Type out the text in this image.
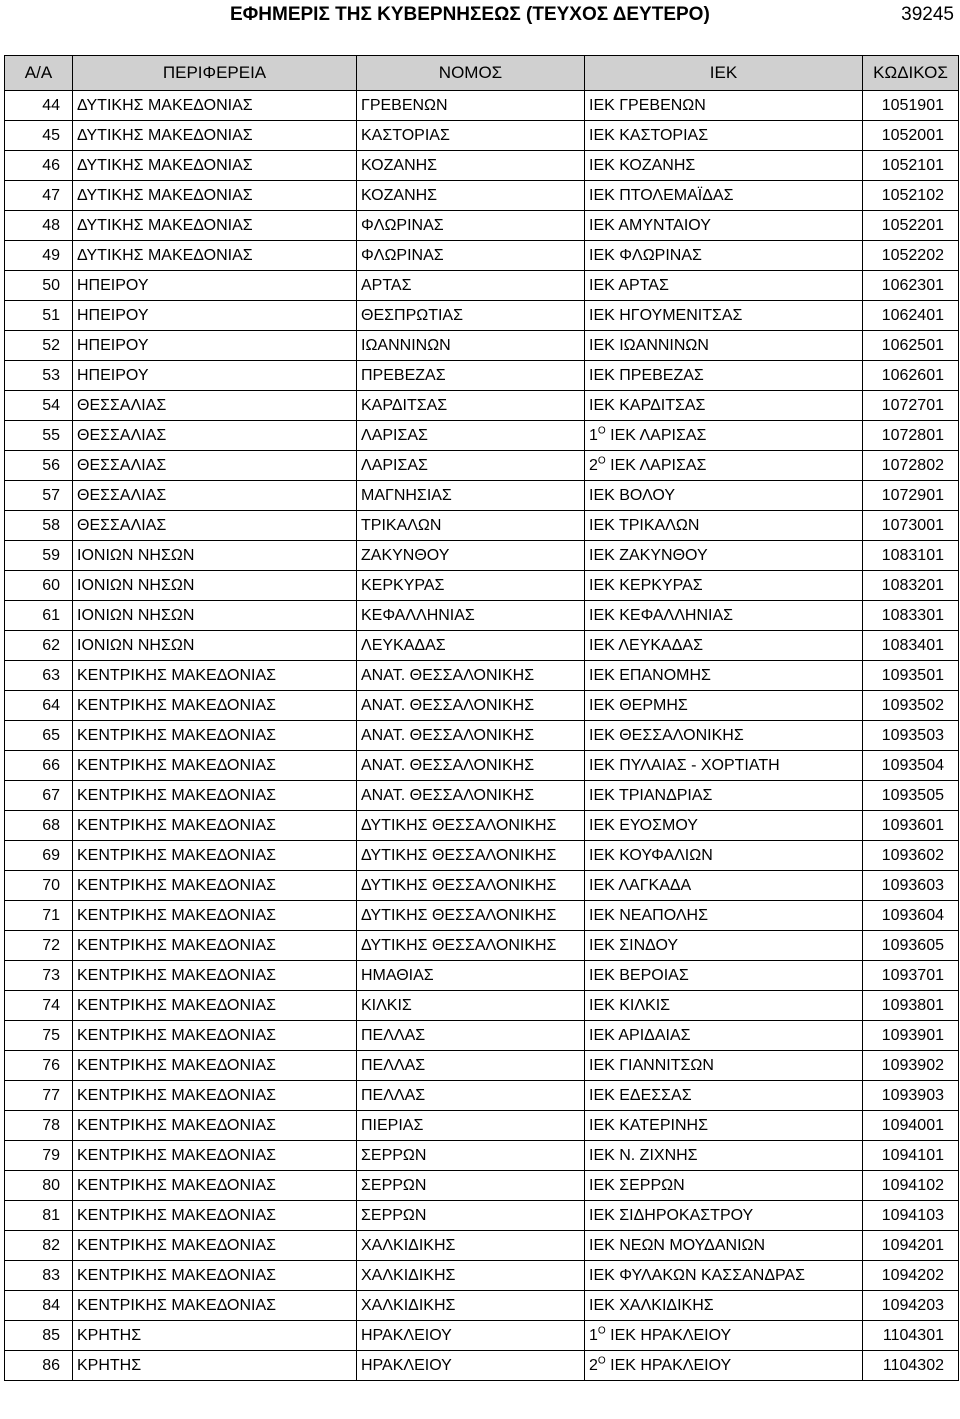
ΕΦΗΜΕΡΙΣ ΤΗΣ ΚΥΒΕΡΝΗΣΕΩΣ (ΤΕΥΧΟΣ ΔΕΥΤΕΡΟ)	39245
Α/Α	ΠΕΡΙΦΕΡΕΙΑ	ΝΟΜΟΣ	ΙΕΚ	ΚΩΔΙΚΟΣ
44	ΔΥΤΙΚΗΣ ΜΑΚΕΔΟΝΙΑΣ	ΓΡΕΒΕΝΩΝ	ΙΕΚ ΓΡΕΒΕΝΩΝ	1051901
45	ΔΥΤΙΚΗΣ ΜΑΚΕΔΟΝΙΑΣ	ΚΑΣΤΟΡΙΑΣ	ΙΕΚ ΚΑΣΤΟΡΙΑΣ	1052001
46	ΔΥΤΙΚΗΣ ΜΑΚΕΔΟΝΙΑΣ	ΚΟΖΑΝΗΣ	ΙΕΚ ΚΟΖΑΝΗΣ	1052101
47	ΔΥΤΙΚΗΣ ΜΑΚΕΔΟΝΙΑΣ	ΚΟΖΑΝΗΣ	ΙΕΚ ΠΤΟΛΕΜΑΪΔΑΣ	1052102
48	ΔΥΤΙΚΗΣ ΜΑΚΕΔΟΝΙΑΣ	ΦΛΩΡΙΝΑΣ	ΙΕΚ ΑΜΥΝΤΑΙΟΥ	1052201
49	ΔΥΤΙΚΗΣ ΜΑΚΕΔΟΝΙΑΣ	ΦΛΩΡΙΝΑΣ	ΙΕΚ ΦΛΩΡΙΝΑΣ	1052202
50	ΗΠΕΙΡΟΥ	ΑΡΤΑΣ	ΙΕΚ ΑΡΤΑΣ	1062301
51	ΗΠΕΙΡΟΥ	ΘΕΣΠΡΩΤΙΑΣ	ΙΕΚ ΗΓΟΥΜΕΝΙΤΣΑΣ	1062401
52	ΗΠΕΙΡΟΥ	ΙΩΑΝΝΙΝΩΝ	ΙΕΚ ΙΩΑΝΝΙΝΩΝ	1062501
53	ΗΠΕΙΡΟΥ	ΠΡΕΒΕΖΑΣ	ΙΕΚ ΠΡΕΒΕΖΑΣ	1062601
54	ΘΕΣΣΑΛΙΑΣ	ΚΑΡΔΙΤΣΑΣ	ΙΕΚ ΚΑΡΔΙΤΣΑΣ	1072701
55	ΘΕΣΣΑΛΙΑΣ	ΛΑΡΙΣΑΣ	$1^O$ ΙΕΚ ΛΑΡΙΣΑΣ	1072801
56	ΘΕΣΣΑΛΙΑΣ	ΛΑΡΙΣΑΣ	$2^O$ ΙΕΚ ΛΑΡΙΣΑΣ	1072802
57	ΘΕΣΣΑΛΙΑΣ	ΜΑΓΝΗΣΙΑΣ	ΙΕΚ ΒΟΛΟΥ	1072901
58	ΘΕΣΣΑΛΙΑΣ	ΤΡΙΚΑΛΩΝ	ΙΕΚ ΤΡΙΚΑΛΩΝ	1073001
59	ΙΟΝΙΩΝ ΝΗΣΩΝ	ΖΑΚΥΝΘΟΥ	ΙΕΚ ΖΑΚΥΝΘΟΥ	1083101
60	ΙΟΝΙΩΝ ΝΗΣΩΝ	ΚΕΡΚΥΡΑΣ	ΙΕΚ ΚΕΡΚΥΡΑΣ	1083201
61	ΙΟΝΙΩΝ ΝΗΣΩΝ	ΚΕΦΑΛΛΗΝΙΑΣ	ΙΕΚ ΚΕΦΑΛΛΗΝΙΑΣ	1083301
62	ΙΟΝΙΩΝ ΝΗΣΩΝ	ΛΕΥΚΑΔΑΣ	ΙΕΚ ΛΕΥΚΑΔΑΣ	1083401
63	ΚΕΝΤΡΙΚΗΣ ΜΑΚΕΔΟΝΙΑΣ	ΑΝΑΤ. ΘΕΣΣΑΛΟΝΙΚΗΣ	ΙΕΚ ΕΠΑΝΟΜΗΣ	1093501
64	ΚΕΝΤΡΙΚΗΣ ΜΑΚΕΔΟΝΙΑΣ	ΑΝΑΤ. ΘΕΣΣΑΛΟΝΙΚΗΣ	ΙΕΚ ΘΕΡΜΗΣ	1093502
65	ΚΕΝΤΡΙΚΗΣ ΜΑΚΕΔΟΝΙΑΣ	ΑΝΑΤ. ΘΕΣΣΑΛΟΝΙΚΗΣ	ΙΕΚ ΘΕΣΣΑΛΟΝΙΚΗΣ	1093503
66	ΚΕΝΤΡΙΚΗΣ ΜΑΚΕΔΟΝΙΑΣ	ΑΝΑΤ. ΘΕΣΣΑΛΟΝΙΚΗΣ	ΙΕΚ ΠΥΛΑΙΑΣ - ΧΟΡΤΙΑΤΗ	1093504
67	ΚΕΝΤΡΙΚΗΣ ΜΑΚΕΔΟΝΙΑΣ	ΑΝΑΤ. ΘΕΣΣΑΛΟΝΙΚΗΣ	ΙΕΚ ΤΡΙΑΝΔΡΙΑΣ	1093505
68	ΚΕΝΤΡΙΚΗΣ ΜΑΚΕΔΟΝΙΑΣ	ΔΥΤΙΚΗΣ ΘΕΣΣΑΛΟΝΙΚΗΣ	ΙΕΚ ΕΥΟΣΜΟΥ	1093601
69	ΚΕΝΤΡΙΚΗΣ ΜΑΚΕΔΟΝΙΑΣ	ΔΥΤΙΚΗΣ ΘΕΣΣΑΛΟΝΙΚΗΣ	ΙΕΚ ΚΟΥΦΑΛΙΩΝ	1093602
70	ΚΕΝΤΡΙΚΗΣ ΜΑΚΕΔΟΝΙΑΣ	ΔΥΤΙΚΗΣ ΘΕΣΣΑΛΟΝΙΚΗΣ	ΙΕΚ ΛΑΓΚΑΔΑ	1093603
71	ΚΕΝΤΡΙΚΗΣ ΜΑΚΕΔΟΝΙΑΣ	ΔΥΤΙΚΗΣ ΘΕΣΣΑΛΟΝΙΚΗΣ	ΙΕΚ ΝΕΑΠΟΛΗΣ	1093604
72	ΚΕΝΤΡΙΚΗΣ ΜΑΚΕΔΟΝΙΑΣ	ΔΥΤΙΚΗΣ ΘΕΣΣΑΛΟΝΙΚΗΣ	ΙΕΚ ΣΙΝΔΟΥ	1093605
73	ΚΕΝΤΡΙΚΗΣ ΜΑΚΕΔΟΝΙΑΣ	ΗΜΑΘΙΑΣ	ΙΕΚ ΒΕΡΟΙΑΣ	1093701
74	ΚΕΝΤΡΙΚΗΣ ΜΑΚΕΔΟΝΙΑΣ	ΚΙΛΚΙΣ	ΙΕΚ ΚΙΛΚΙΣ	1093801
75	ΚΕΝΤΡΙΚΗΣ ΜΑΚΕΔΟΝΙΑΣ	ΠΕΛΛΑΣ	ΙΕΚ ΑΡΙΔΑΙΑΣ	1093901
76	ΚΕΝΤΡΙΚΗΣ ΜΑΚΕΔΟΝΙΑΣ	ΠΕΛΛΑΣ	ΙΕΚ ΓΙΑΝΝΙΤΣΩΝ	1093902
77	ΚΕΝΤΡΙΚΗΣ ΜΑΚΕΔΟΝΙΑΣ	ΠΕΛΛΑΣ	ΙΕΚ ΕΔΕΣΣΑΣ	1093903
78	ΚΕΝΤΡΙΚΗΣ ΜΑΚΕΔΟΝΙΑΣ	ΠΙΕΡΙΑΣ	ΙΕΚ ΚΑΤΕΡΙΝΗΣ	1094001
79	ΚΕΝΤΡΙΚΗΣ ΜΑΚΕΔΟΝΙΑΣ	ΣΕΡΡΩΝ	ΙΕΚ Ν. ΖΙΧΝΗΣ	1094101
80	ΚΕΝΤΡΙΚΗΣ ΜΑΚΕΔΟΝΙΑΣ	ΣΕΡΡΩΝ	ΙΕΚ ΣΕΡΡΩΝ	1094102
81	ΚΕΝΤΡΙΚΗΣ ΜΑΚΕΔΟΝΙΑΣ	ΣΕΡΡΩΝ	ΙΕΚ ΣΙΔΗΡΟΚΑΣΤΡΟΥ	1094103
82	ΚΕΝΤΡΙΚΗΣ ΜΑΚΕΔΟΝΙΑΣ	ΧΑΛΚΙΔΙΚΗΣ	ΙΕΚ ΝΕΩΝ ΜΟΥΔΑΝΙΩΝ	1094201
83	ΚΕΝΤΡΙΚΗΣ ΜΑΚΕΔΟΝΙΑΣ	ΧΑΛΚΙΔΙΚΗΣ	ΙΕΚ ΦΥΛΑΚΩΝ ΚΑΣΣΑΝΔΡΑΣ	1094202
84	ΚΕΝΤΡΙΚΗΣ ΜΑΚΕΔΟΝΙΑΣ	ΧΑΛΚΙΔΙΚΗΣ	ΙΕΚ ΧΑΛΚΙΔΙΚΗΣ	1094203
85	ΚΡΗΤΗΣ	ΗΡΑΚΛΕΙΟΥ	$1^O$ ΙΕΚ ΗΡΑΚΛΕΙΟΥ	1104301
86	ΚΡΗΤΗΣ	ΗΡΑΚΛΕΙΟΥ	$2^O$ ΙΕΚ ΗΡΑΚΛΕΙΟΥ	1104302
